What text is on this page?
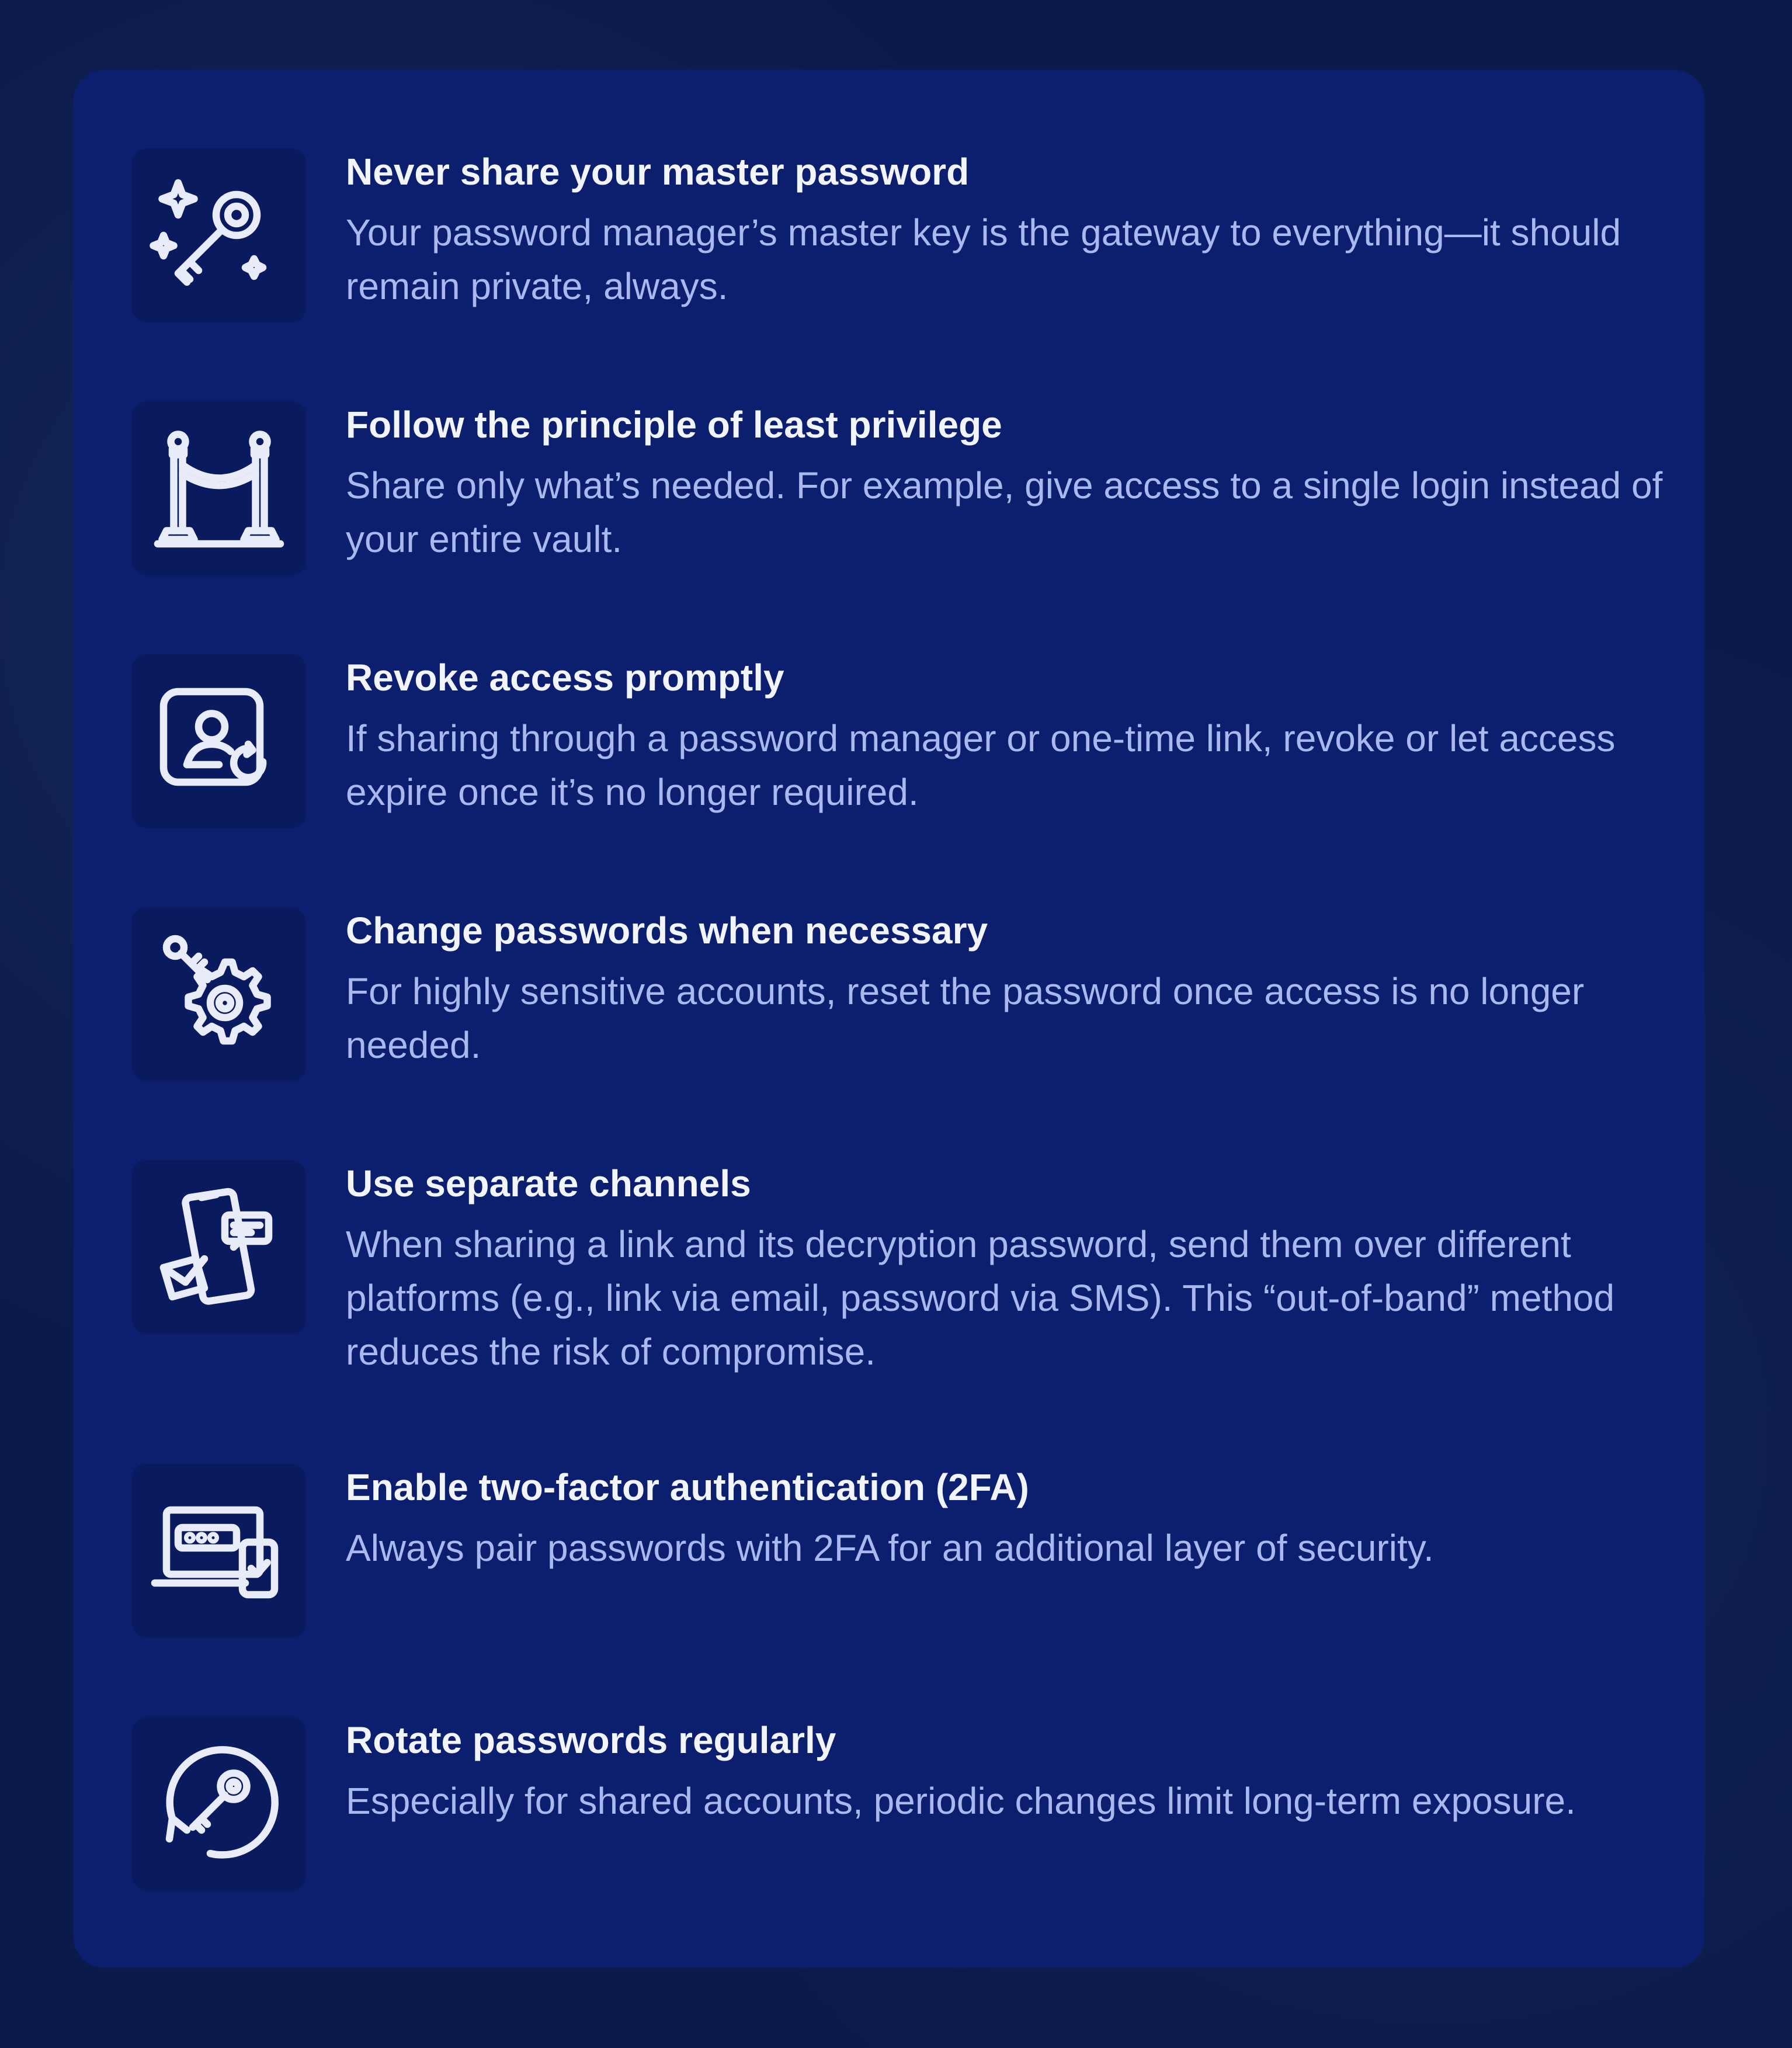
Never share your master password

Your password manager’s master key is the gateway to everything—it should remain private, always.

Follow the principle of least privilege

Share only what’s needed. For example, give access to a single login instead of your entire vault.

Revoke access promptly

If sharing through a password manager or one-time link, revoke or let access expire once it’s no longer required.

Change passwords when necessary

For highly sensitive accounts, reset the password once access is no longer needed.

Use separate channels

When sharing a link and its decryption password, send them over different platforms (e.g., link via email, password via SMS). This “out-of-band” method reduces the risk of compromise.

Enable two-factor authentication (2FA)

Always pair passwords with 2FA for an additional layer of security.

Rotate passwords regularly

Especially for shared accounts, periodic changes limit long-term exposure.
